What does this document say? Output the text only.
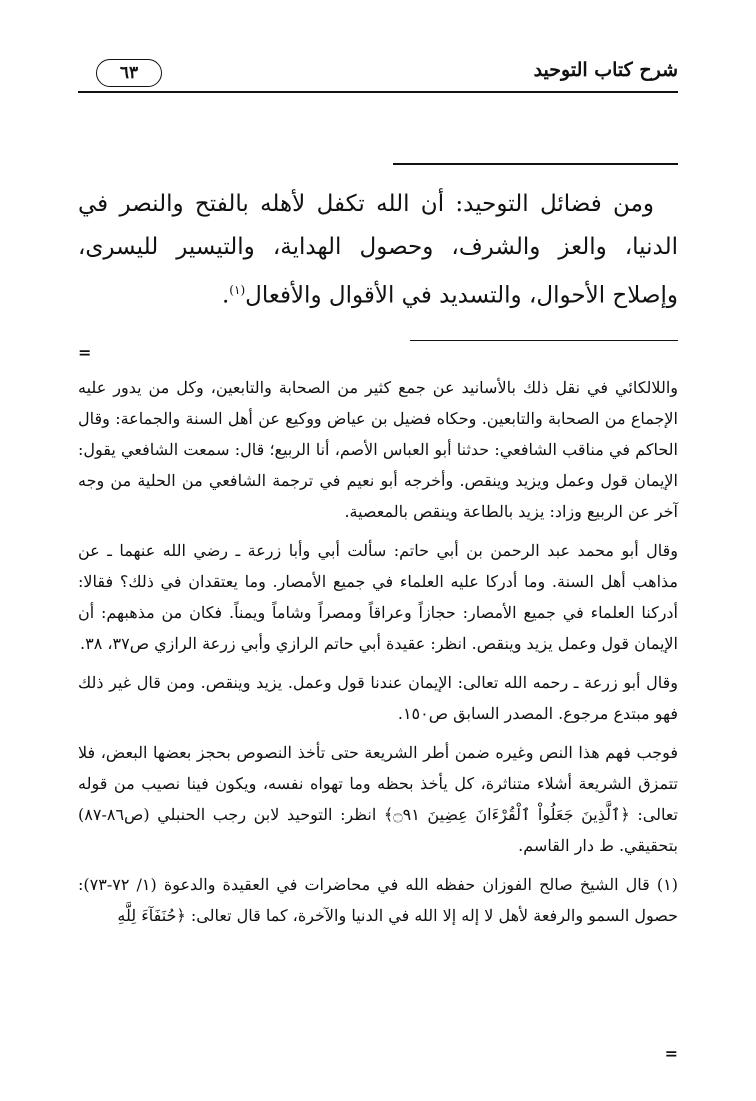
شرح كتاب التوحيد
٦٣

ومن فضائل التوحيد: أن الله تكفل لأهله بالفتح والنصر في الدنيا، والعز والشرف، وحصول الهداية، والتيسير لليسرى، وإصلاح الأحوال، والتسديد في الأقوال والأفعال$^{(١)}$.

=

واللالكائي في نقل ذلك بالأسانيد عن جمع كثير من الصحابة والتابعين، وكل من يدور عليه الإجماع من الصحابة والتابعين. وحكاه فضيل بن عياض ووكيع عن أهل السنة والجماعة: وقال الحاكم في مناقب الشافعي: حدثنا أبو العباس الأصم، أنا الربيع؛ قال: سمعت الشافعي يقول: الإيمان قول وعمل ويزيد وينقص. وأخرجه أبو نعيم في ترجمة الشافعي من الحلية من وجه آخر عن الربيع وزاد: يزيد بالطاعة وينقص بالمعصية.

وقال أبو محمد عبد الرحمن بن أبي حاتم: سألت أبي وأبا زرعة ـ رضي الله عنهما ـ عن مذاهب أهل السنة. وما أدركا عليه العلماء في جميع الأمصار. وما يعتقدان في ذلك؟ فقالا: أدركنا العلماء في جميع الأمصار: حجازاً وعراقاً ومصراً وشاماً ويمناً. فكان من مذهبهم: أن الإيمان قول وعمل يزيد وينقص. انظر: عقيدة أبي حاتم الرازي وأبي زرعة الرازي ص٣٧، ٣٨.

وقال أبو زرعة ـ رحمه الله تعالى: الإيمان عندنا قول وعمل. يزيد وينقص. ومن قال غير ذلك فهو مبتدع مرجوع. المصدر السابق ص١٥٠.

فوجب فهم هذا النص وغيره ضمن أطر الشريعة حتى تأخذ النصوص بحجز بعضها البعض، فلا تتمزق الشريعة أشلاء متناثرة، كل يأخذ بحظه وما تهواه نفسه، ويكون فينا نصيب من قوله تعالى: ﴿ٱلَّذِينَ جَعَلُواْ ٱلْقُرْءَانَ عِضِينَ ۝٩١﴾ انظر: التوحيد لابن رجب الحنبلي (ص٨٦-٨٧) بتحقيقي. ط دار القاسم.

(١) قال الشيخ صالح الفوزان حفظه الله في محاضرات في العقيدة والدعوة (١/ ٧٢-٧٣): حصول السمو والرفعة لأهل لا إله إلا الله في الدنيا والآخرة، كما قال تعالى: ﴿حُنَفَآءَ لِلَّهِ

=
